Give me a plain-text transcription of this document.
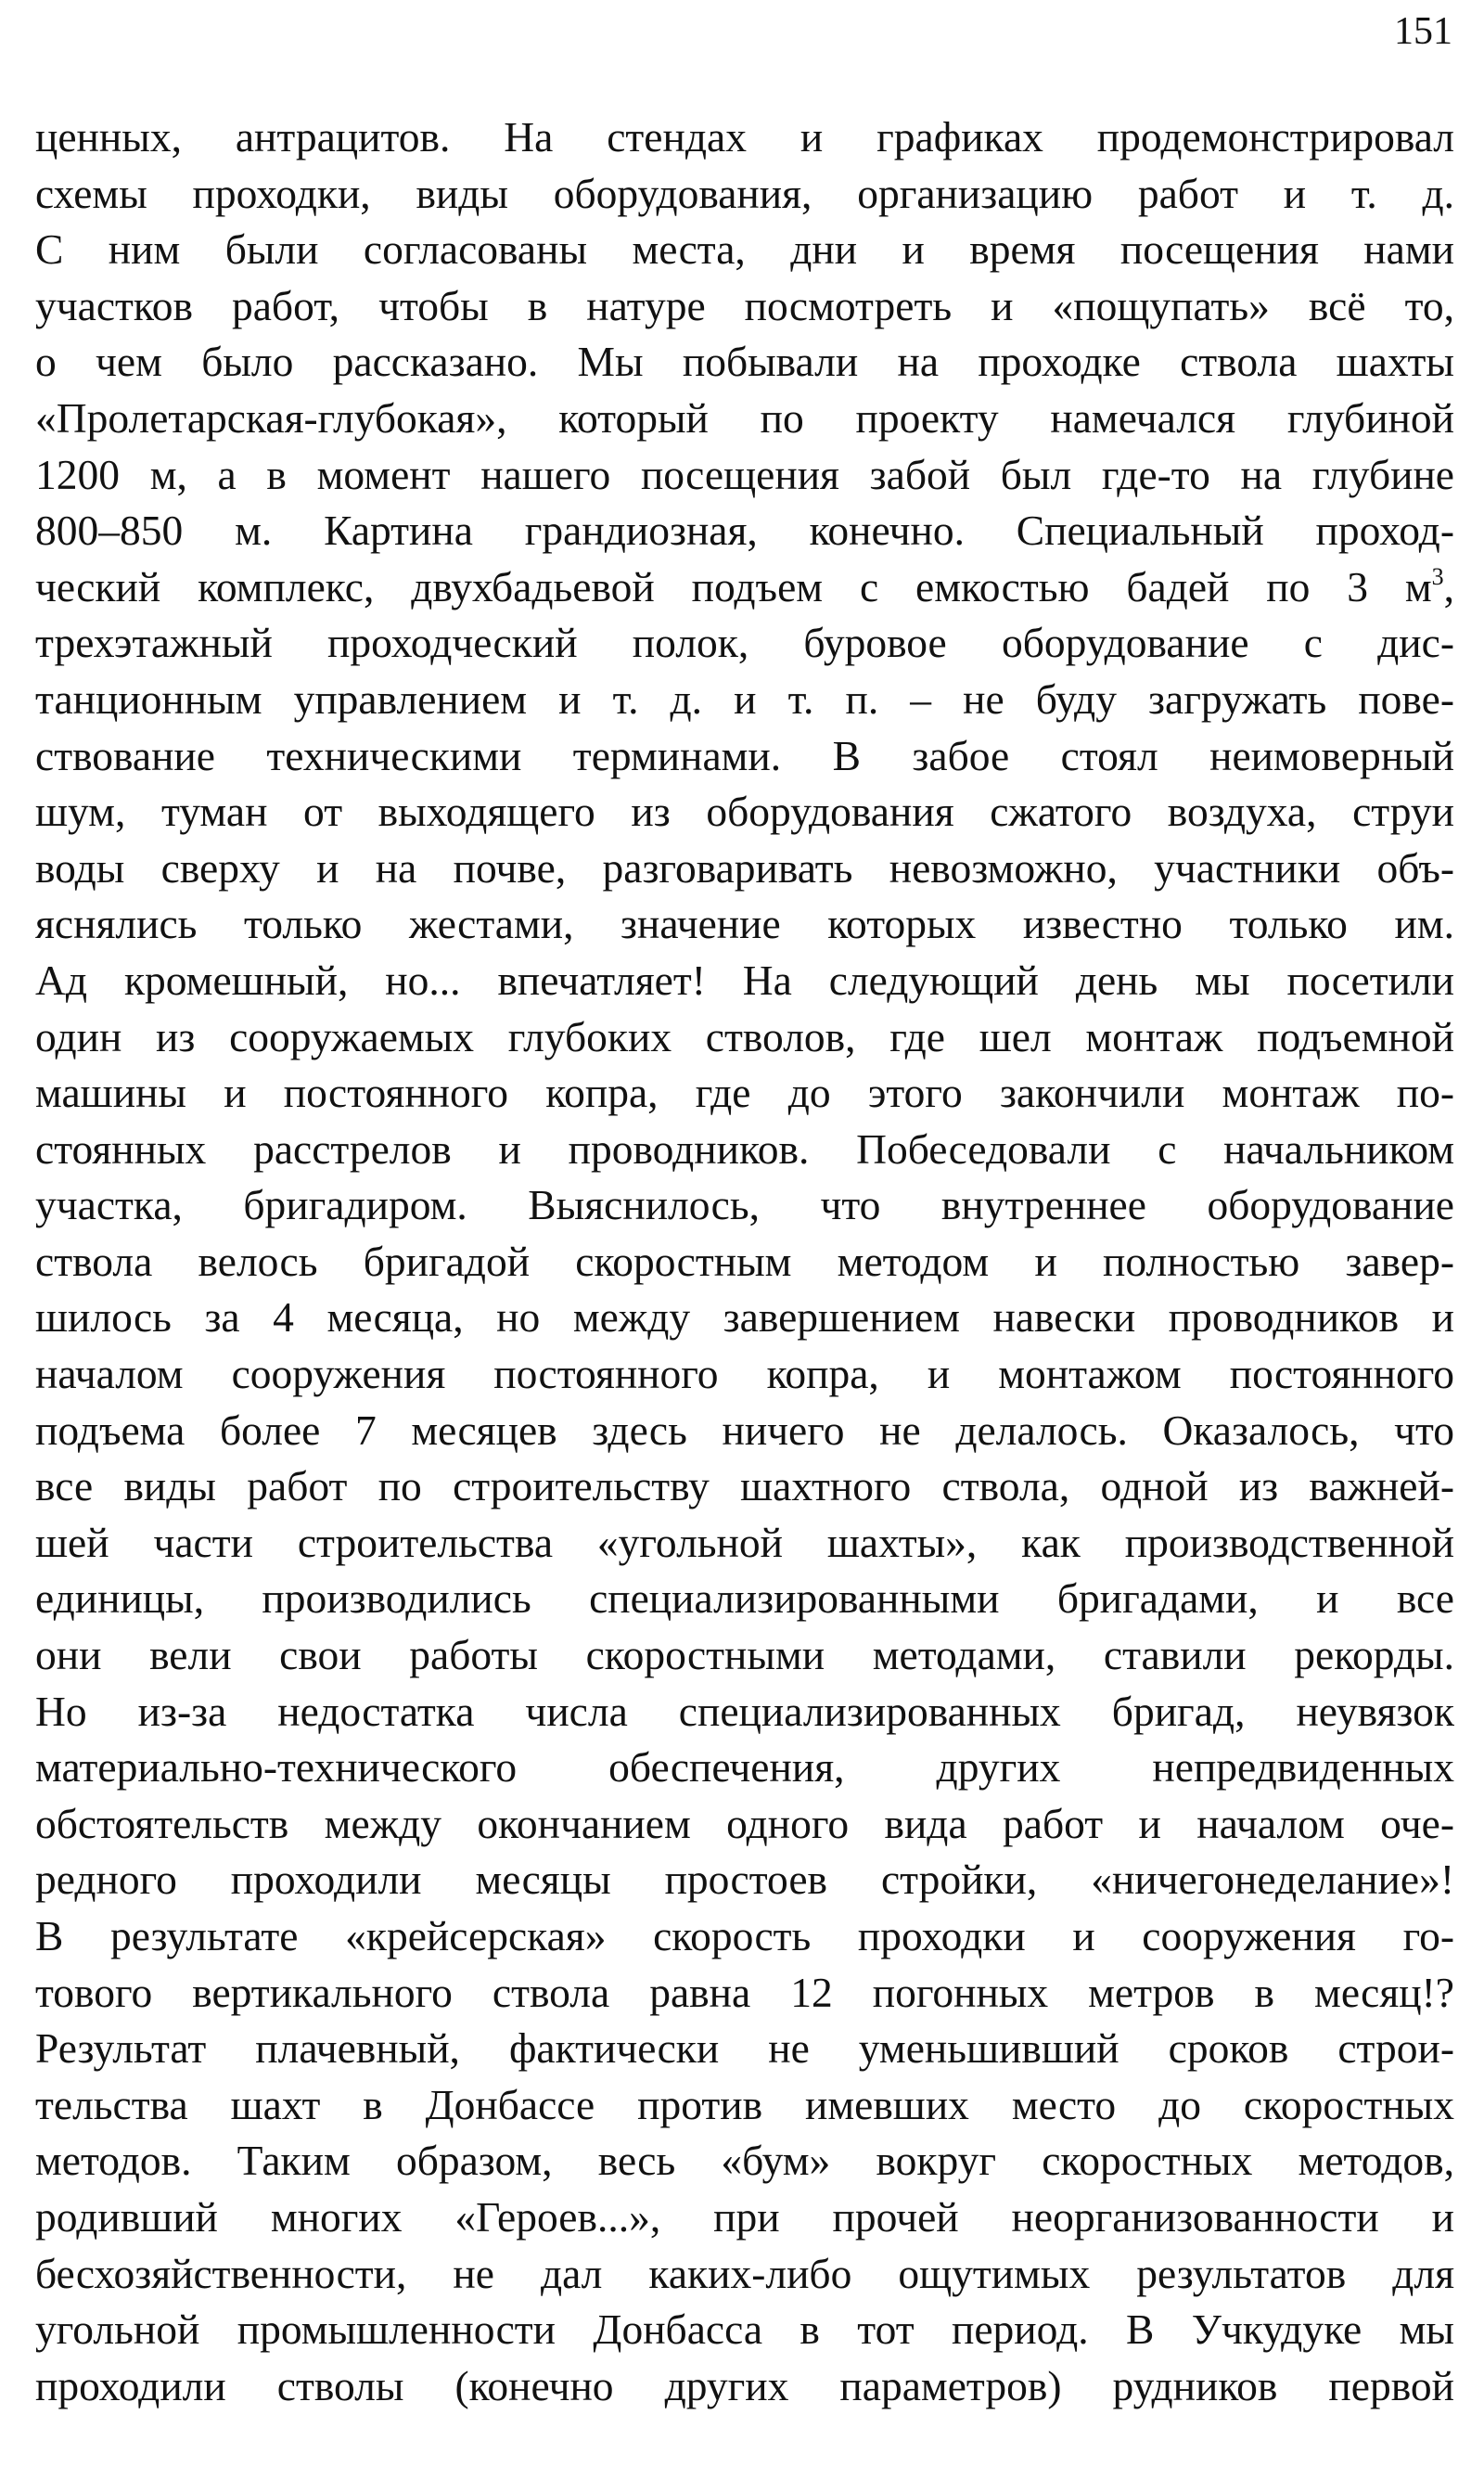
151
ценных, антрацитов. На стендах и графиках продемонстрировал
схемы проходки, виды оборудования, организацию работ и т. д.
С ним были согласованы места, дни и время посещения нами
участков работ, чтобы в натуре посмотреть и «пощупать» всё то,
о чем было рассказано. Мы побывали на проходке ствола шахты
«Пролетарская-глубокая», который по проекту намечался глубиной
1200 м, а в момент нашего посещения забой был где-то на глубине
800–850 м. Картина грандиозная, конечно. Специальный проход-
ческий комплекс, двухбадьевой подъем с емкостью бадей по 3 $м^3$,
трехэтажный проходческий полок, буровое оборудование с дис-
танционным управлением и т. д. и т. п. – не буду загружать пове-
ствование техническими терминами. В забое стоял неимоверный
шум, туман от выходящего из оборудования сжатого воздуха, струи
воды сверху и на почве, разговаривать невозможно, участники объ-
яснялись только жестами, значение которых известно только им.
Ад кромешный, но... впечатляет! На следующий день мы посетили
один из сооружаемых глубоких стволов, где шел монтаж подъемной
машины и постоянного копра, где до этого закончили монтаж по-
стоянных расстрелов и проводников. Побеседовали с начальником
участка, бригадиром. Выяснилось, что внутреннее оборудование
ствола велось бригадой скоростным методом и полностью завер-
шилось за 4 месяца, но между завершением навески проводников и
началом сооружения постоянного копра, и монтажом постоянного
подъема более 7 месяцев здесь ничего не делалось. Оказалось, что
все виды работ по строительству шахтного ствола, одной из важней-
шей части строительства «угольной шахты», как производственной
единицы, производились специализированными бригадами, и все
они вели свои работы скоростными методами, ставили рекорды.
Но из-за недостатка числа специализированных бригад, неувязок
материально-технического обеспечения, других непредвиденных
обстоятельств между окончанием одного вида работ и началом оче-
редного проходили месяцы простоев стройки, «ничегонеделание»!
В результате «крейсерская» скорость проходки и сооружения го-
тового вертикального ствола равна 12 погонных метров в месяц!?
Результат плачевный, фактически не уменьшивший сроков строи-
тельства шахт в Донбассе против имевших место до скоростных
методов. Таким образом, весь «бум» вокруг скоростных методов,
родивший многих «Героев...», при прочей неорганизованности и
бесхозяйственности, не дал каких-либо ощутимых результатов для
угольной промышленности Донбасса в тот период. В Учкудуке мы
проходили стволы (конечно других параметров) рудников первой
